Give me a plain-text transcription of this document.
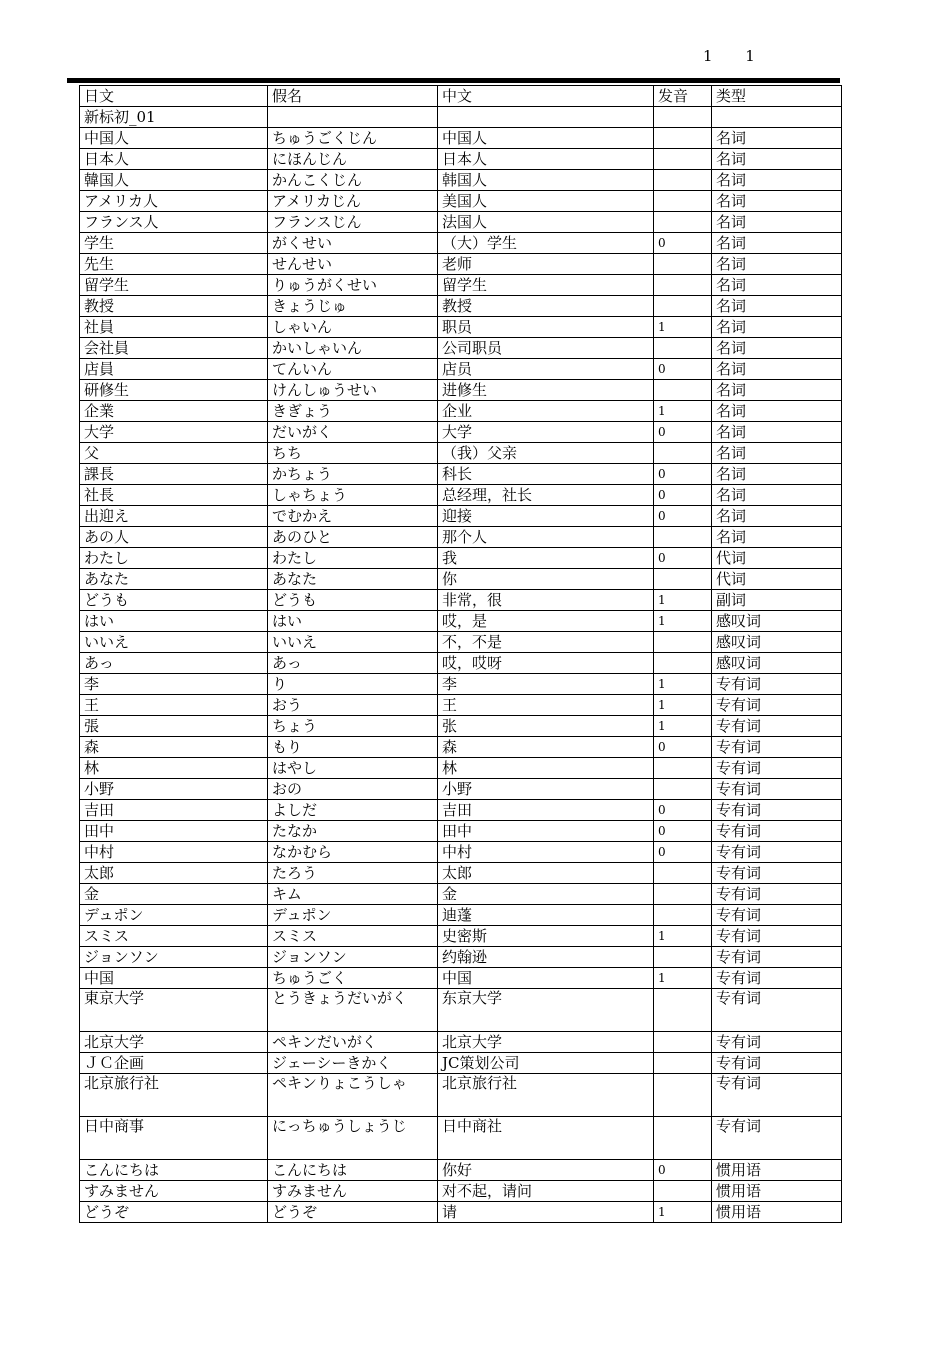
1 1
日文	假名	中文	发音	类型
新标初_01				
中国人	ちゅうごくじん	中国人		名词
日本人	にほんじん	日本人		名词
韓国人	かんこくじん	韩国人		名词
アメリカ人	アメリカじん	美国人		名词
フランス人	フランスじん	法国人		名词
学生	がくせい	（大）学生	0	名词
先生	せんせい	老师		名词
留学生	りゅうがくせい	留学生		名词
教授	きょうじゅ	教授		名词
社員	しゃいん	职员	1	名词
会社員	かいしゃいん	公司职员		名词
店員	てんいん	店员	0	名词
研修生	けんしゅうせい	进修生		名词
企業	きぎょう	企业	1	名词
大学	だいがく	大学	0	名词
父	ちち	（我）父亲		名词
課長	かちょう	科长	0	名词
社長	しゃちょう	总经理，社长	0	名词
出迎え	でむかえ	迎接	0	名词
あの人	あのひと	那个人		名词
わたし	わたし	我	0	代词
あなた	あなた	你		代词
どうも	どうも	非常，很	1	副词
はい	はい	哎，是	1	感叹词
いいえ	いいえ	不，不是		感叹词
あっ	あっ	哎，哎呀		感叹词
李	り	李	1	专有词
王	おう	王	1	专有词
張	ちょう	张	1	专有词
森	もり	森	0	专有词
林	はやし	林		专有词
小野	おの	小野		专有词
吉田	よしだ	吉田	0	专有词
田中	たなか	田中	0	专有词
中村	なかむら	中村	0	专有词
太郎	たろう	太郎		专有词
金	キム	金		专有词
デュポン	デュポン	迪蓬		专有词
スミス	スミス	史密斯	1	专有词
ジョンソン	ジョンソン	约翰逊		专有词
中国	ちゅうごく	中国	1	专有词
東京大学	とうきょうだいがく	东京大学		专有词
北京大学	ペキンだいがく	北京大学		专有词
ＪＣ企画	ジェーシーきかく	JC策划公司		专有词
北京旅行社	ペキンりょこうしゃ	北京旅行社		专有词
日中商事	にっちゅうしょうじ	日中商社		专有词
こんにちは	こんにちは	你好	0	惯用语
すみません	すみません	对不起，请问		惯用语
どうぞ	どうぞ	请	1	惯用语
